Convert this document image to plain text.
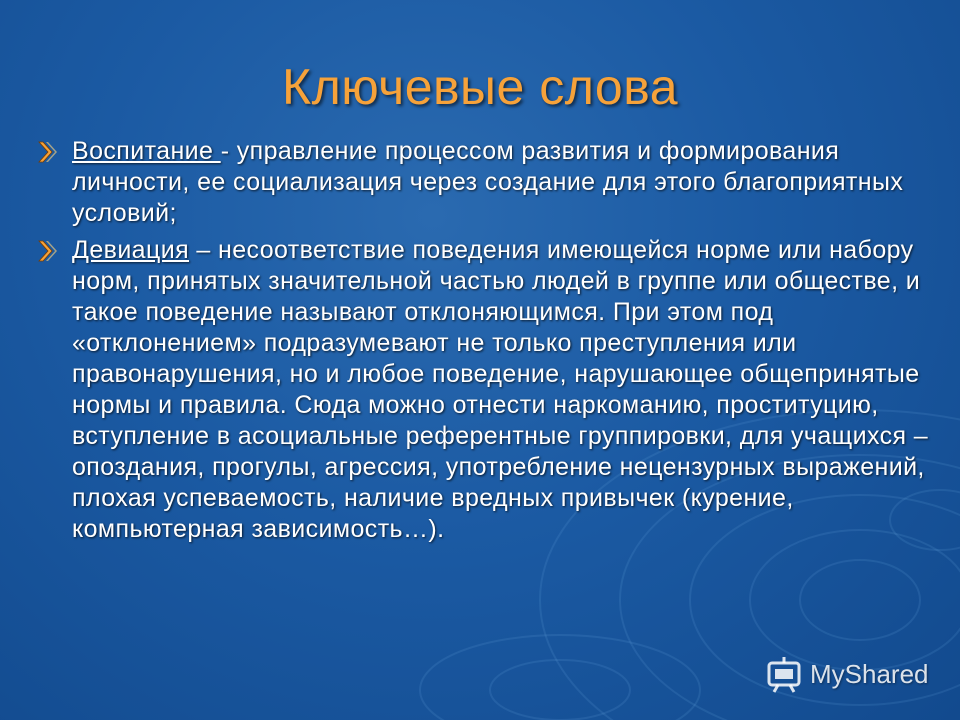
Ключевые слова
Воспитание - управление процессом развития и формирования личности, ее социализация через создание для этого благоприятных условий;
Девиация – несоответствие поведения имеющейся норме или набору норм, принятых значительной частью людей в группе или обществе, и такое поведение называют отклоняющимся. При этом под «отклонением» подразумевают не только преступления или правонарушения, но и любое поведение, нарушающее общепринятые нормы и правила. Сюда можно отнести наркоманию, проституцию, вступление в асоциальные референтные группировки, для учащихся – опоздания, прогулы, агрессия, употребление нецензурных выражений, плохая успеваемость, наличие вредных привычек (курение, компьютерная зависимость…).
MyShared
